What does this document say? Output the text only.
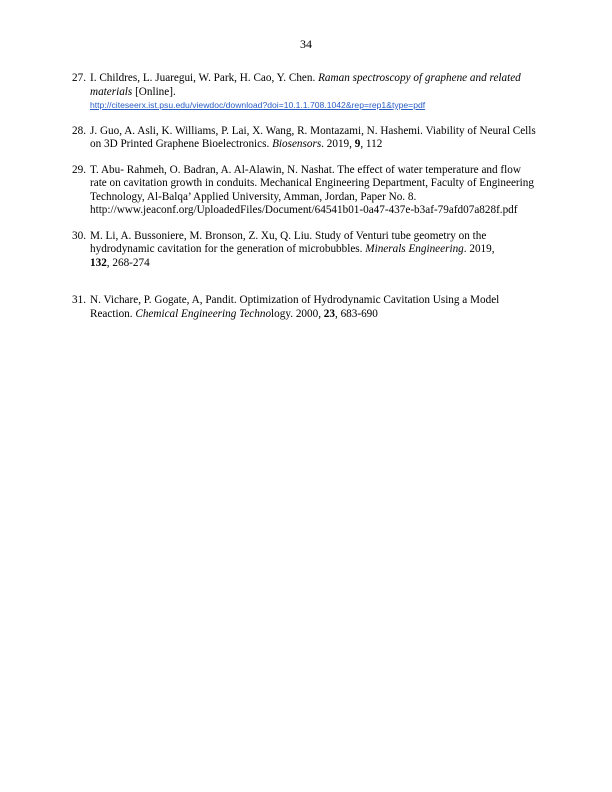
34
27. I. Childres, L. Juaregui, W. Park, H. Cao, Y. Chen. Raman spectroscopy of graphene and related materials [Online].
http://citeseerx.ist.psu.edu/viewdoc/download?doi=10.1.1.708.1042&rep=rep1&type=pdf
28. J. Guo, A. Asli, K. Williams, P. Lai, X. Wang, R. Montazami, N. Hashemi. Viability of Neural Cells on 3D Printed Graphene Bioelectronics. Biosensors. 2019, 9, 112
29. T. Abu- Rahmeh, O. Badran, A. Al-Alawin, N. Nashat. The effect of water temperature and flow rate on cavitation growth in conduits. Mechanical Engineering Department, Faculty of Engineering Technology, Al-Balqa’ Applied University, Amman, Jordan, Paper No. 8. http://www.jeaconf.org/UploadedFiles/Document/64541b01-0a47-437e-b3af-79afd07a828f.pdf
30. M. Li, A. Bussoniere, M. Bronson, Z. Xu, Q. Liu. Study of Venturi tube geometry on the hydrodynamic cavitation for the generation of microbubbles. Minerals Engineering. 2019,
132, 268-274
31. N. Vichare, P. Gogate, A, Pandit. Optimization of Hydrodynamic Cavitation Using a Model Reaction. Chemical Engineering Technology. 2000, 23, 683-690
